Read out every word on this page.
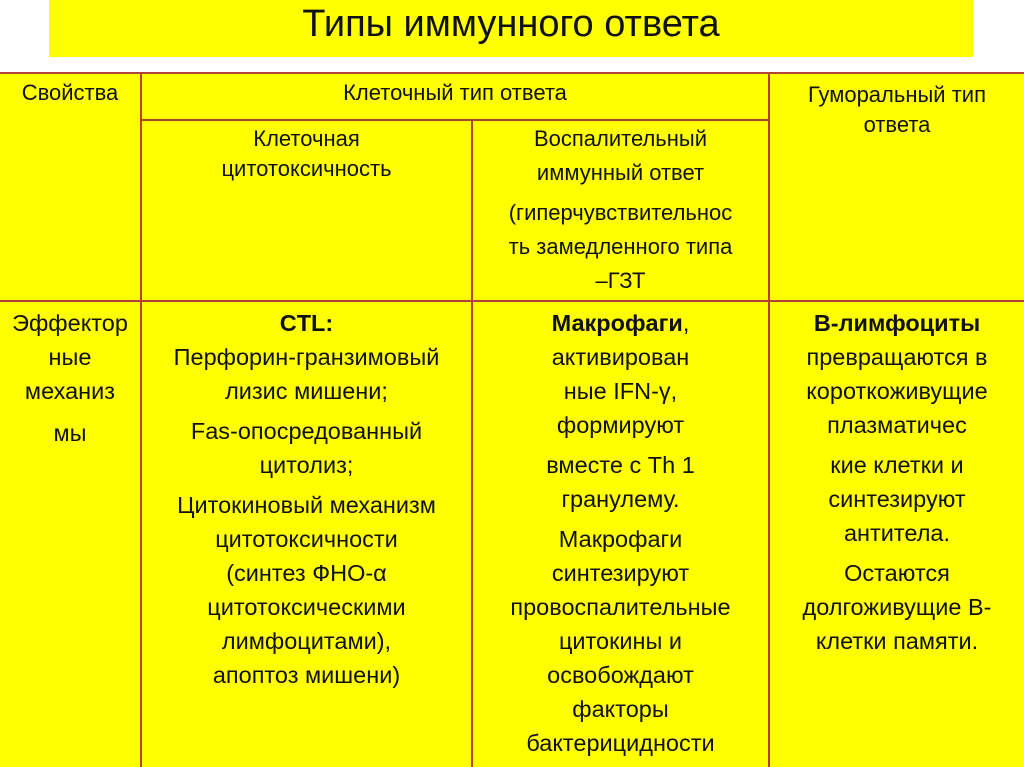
Типы иммунного ответа

Свойства	Клеточный тип ответа	Гуморальный тип

ответа

Клеточная

цитотоксичность

Воспалительный

иммунный ответ

(гиперчувствительнос

ть замедленного типа

–ГЗТ

Эффектор

ные

механиз

мы

CTL:

Перфорин-гранзимовый

лизис мишени;

Fas-опосредованный

цитолиз;

Цитокиновый механизм

цитотоксичности

(синтез ФНО-α

цитотоксическими

лимфоцитами),

апоптоз мишени)

Макрофаги,

активирован

ные IFN-γ,

формируют

вместе с Th 1

гранулему.

Макрофаги

синтезируют

провоспалительные

цитокины и

освобождают

факторы

бактерицидности

В-лимфоциты

превращаются в

короткоживущие

плазматичес

кие клетки и

синтезируют

антитела.

Остаются

долгоживущие В-

клетки памяти.
